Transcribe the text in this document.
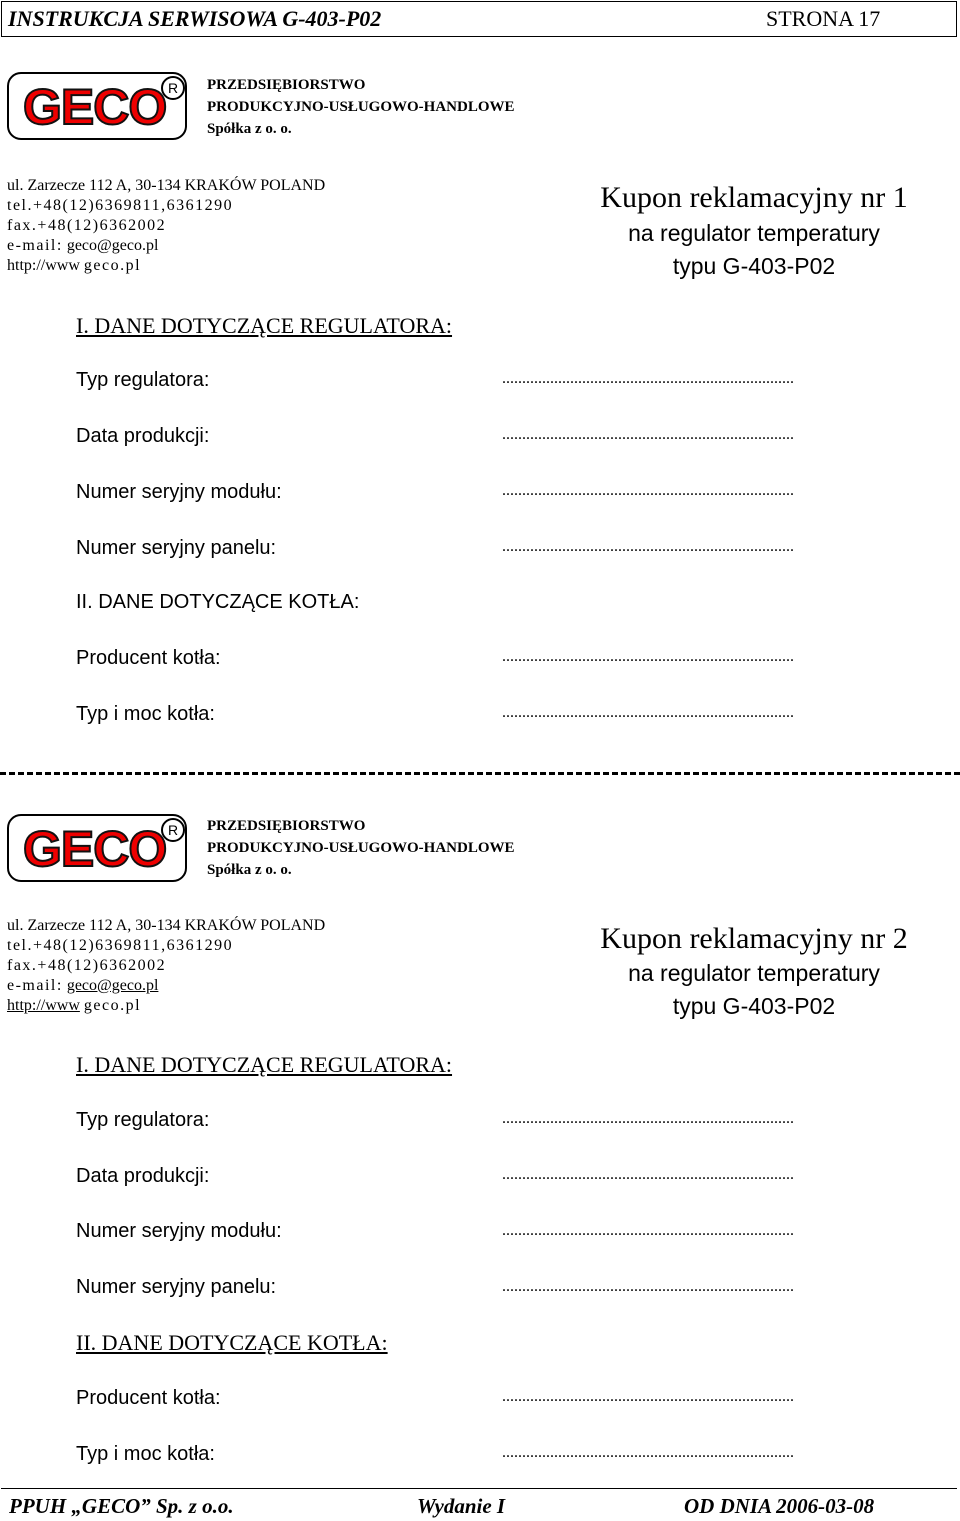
INSTRUKCJA SERWISOWA G-403-P02	STRONA 17
GECO R	PRZEDSIĘBIORSTWO
PRODUKCYJNO-USŁUGOWO-HANDLOWE
Spółka z o. o.
ul. Zarzecze 112 A, 30-134 KRAKÓW POLAND
tel.+48(12)6369811,6361290
fax.+48(12)6362002
e-mail: geco@geco.pl
http://www geco.pl
Kupon reklamacyjny nr 1
na regulator temperatury
typu G-403-P02
I. DANE DOTYCZĄCE REGULATORA:
Typ regulatora:	.........................................................................
Data produkcji:	.........................................................................
Numer seryjny modułu:	.........................................................................
Numer seryjny panelu:	.........................................................................
II. DANE DOTYCZĄCE KOTŁA:
Producent kotła:	.........................................................................
Typ i moc kotła:	.........................................................................
GECO R	PRZEDSIĘBIORSTWO
PRODUKCYJNO-USŁUGOWO-HANDLOWE
Spółka z o. o.
ul. Zarzecze 112 A, 30-134 KRAKÓW POLAND
tel.+48(12)6369811,6361290
fax.+48(12)6362002
e-mail: geco@geco.pl
http://www geco.pl
Kupon reklamacyjny nr 2
na regulator temperatury
typu G-403-P02
I. DANE DOTYCZĄCE REGULATORA:
Typ regulatora:	.........................................................................
Data produkcji:	.........................................................................
Numer seryjny modułu:	.........................................................................
Numer seryjny panelu:	.........................................................................
II. DANE DOTYCZĄCE KOTŁA:
Producent kotła:	.........................................................................
Typ i moc kotła:	.........................................................................
PPUH „GECO” Sp. z o.o.	Wydanie I	OD DNIA 2006-03-08
